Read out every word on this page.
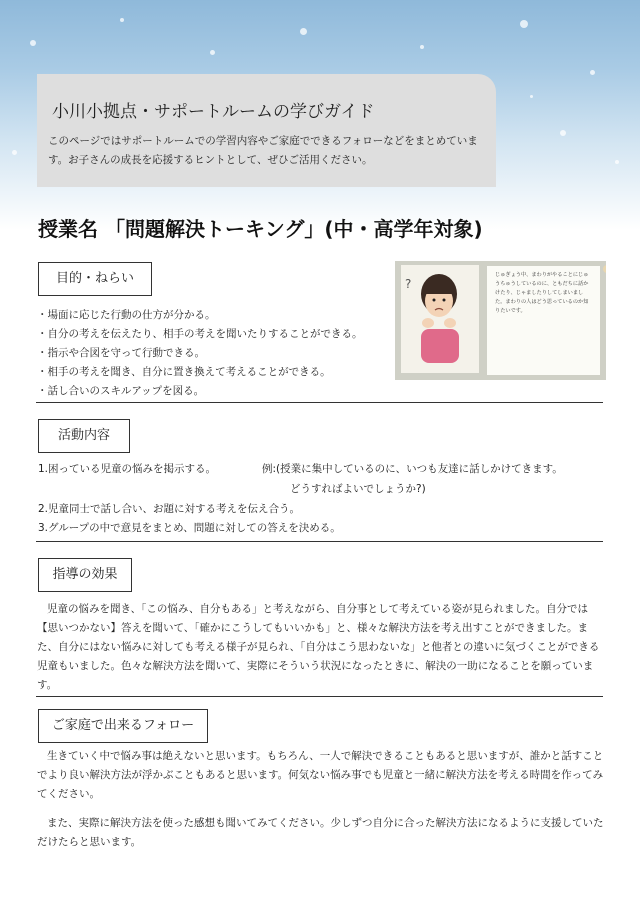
小川小拠点・サポートルームの学びガイド
このページではサポートルームでの学習内容やご家庭でできるフォローなどをまとめています。お子さんの成長を応援するヒントとして、ぜひご活用ください。
授業名 「問題解決トーキング」(中・高学年対象)
目的・ねらい
・場面に応じた行動の仕方が分かる。
・自分の考えを伝えたり、相手の考えを聞いたりすることができる。
・指示や合図を守って行動できる。
・相手の考えを聞き、自分に置き換えて考えることができる。
・話し合いのスキルアップを図る。
?
じゅぎょう中、まわりがやることにじゅうちゅうしているのに、ともだちに話かけたり、じゃましたりしてしまいました。まわりの人はどう思っているのか知りたいです。
活動内容
1.困っている児童の悩みを掲示する。	例:(授業に集中しているのに、いつも友達に話しかけてきます。
どうすればよいでしょうか?)
2.児童同士で話し合い、お題に対する考えを伝え合う。
3.グループの中で意見をまとめ、問題に対しての答えを決める。
指導の効果
児童の悩みを聞き、「この悩み、自分もある」と考えながら、自分事として考えている姿が見られました。自分では【思いつかない】答えを聞いて、「確かにこうしてもいいかも」と、様々な解決方法を考え出すことができました。また、自分にはない悩みに対しても考える様子が見られ、「自分はこう思わないな」と他者との違いに気づくことができる児童もいました。色々な解決方法を聞いて、実際にそういう状況になったときに、解決の一助になることを願っています。
ご家庭で出来るフォロー
生きていく中で悩み事は絶えないと思います。もちろん、一人で解決できることもあると思いますが、誰かと話すことでより良い解決方法が浮かぶこともあると思います。何気ない悩み事でも児童と一緒に解決方法を考える時間を作ってみてください。
また、実際に解決方法を使った感想も聞いてみてください。少しずつ自分に合った解決方法になるように支援していただけたらと思います。
